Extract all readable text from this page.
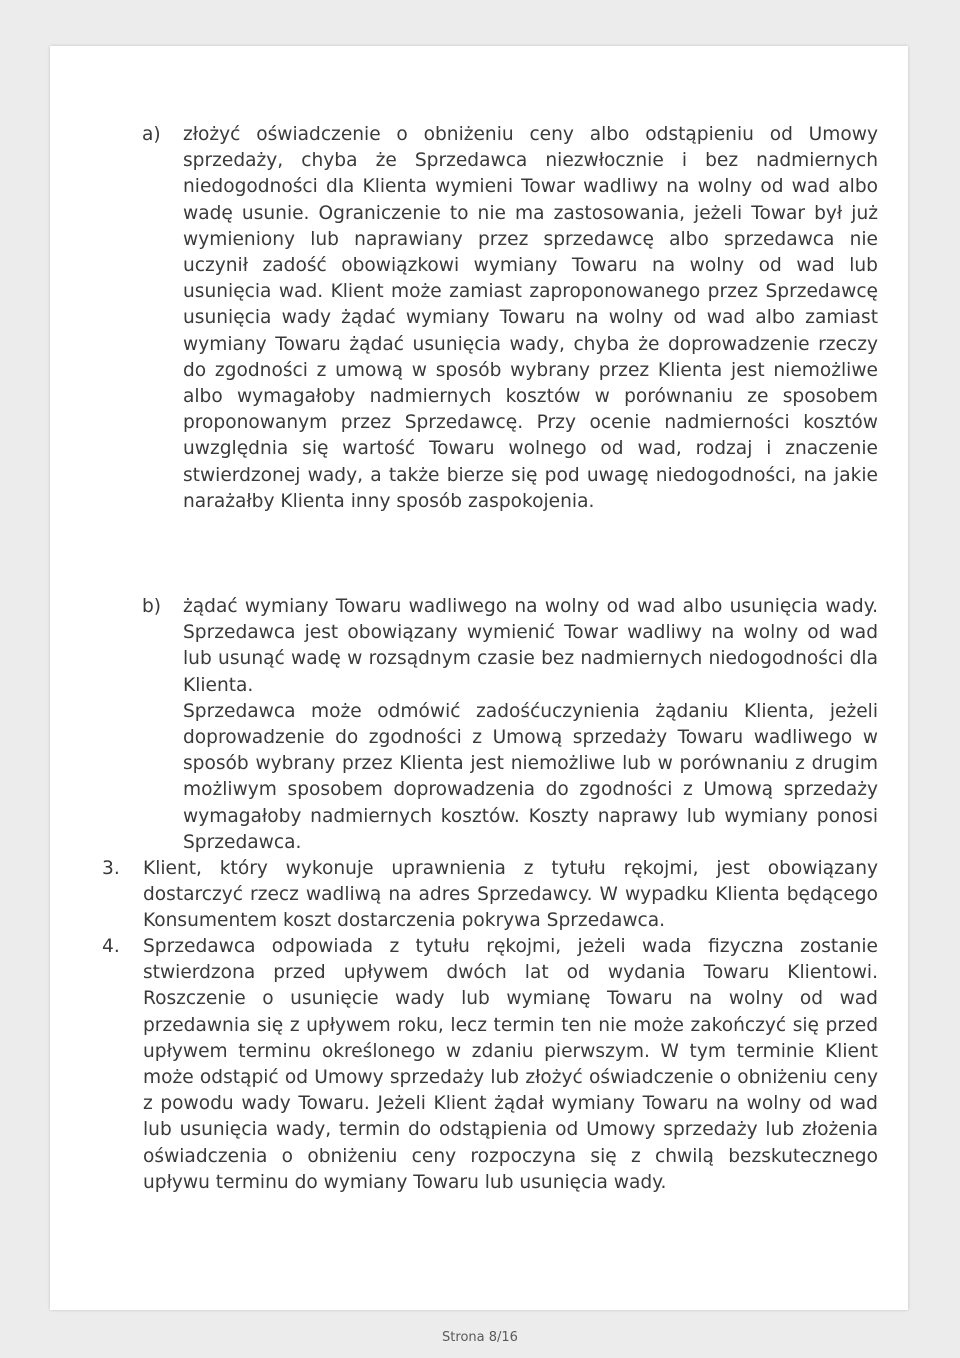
a) złożyć oświadczenie o obniżeniu ceny albo odstąpieniu od Umowy sprzedaży, chyba że Sprzedawca niezwłocznie i bez nadmiernych niedogodności dla Klienta wymieni Towar wadliwy na wolny od wad albo wadę usunie. Ograniczenie to nie ma zastosowania, jeżeli Towar był już wymieniony lub naprawiany przez sprzedawcę albo sprzedawca nie uczynił zadość obowiązkowi wymiany Towaru na wolny od wad lub usunięcia wad. Klient może zamiast zaproponowanego przez Sprzedawcę usunięcia wady żądać wymiany Towaru na wolny od wad albo zamiast wymiany Towaru żądać usunięcia wady, chyba że doprowadzenie rzeczy do zgodności z umową w sposób wybrany przez Klienta jest niemożliwe albo wymagałoby nadmiernych kosztów w porównaniu ze sposobem proponowanym przez Sprzedawcę. Przy ocenie nadmierności kosztów uwzględnia się wartość Towaru wolnego od wad, rodzaj i znaczenie stwierdzonej wady, a także bierze się pod uwagę niedogodności, na jakie narażałby Klienta inny sposób zaspokojenia.

b) żądać wymiany Towaru wadliwego na wolny od wad albo usunięcia wady. Sprzedawca jest obowiązany wymienić Towar wadliwy na wolny od wad lub usunąć wadę w rozsądnym czasie bez nadmiernych niedogodności dla Klienta.

Sprzedawca może odmówić zadośćuczynienia żądaniu Klienta, jeżeli doprowadzenie do zgodności z Umową sprzedaży Towaru wadliwego w sposób wybrany przez Klienta jest niemożliwe lub w porównaniu z drugim możliwym sposobem doprowadzenia do zgodności z Umową sprzedaży wymagałoby nadmiernych kosztów. Koszty naprawy lub wymiany ponosi Sprzedawca.

3. Klient, który wykonuje uprawnienia z tytułu rękojmi, jest obowiązany dostarczyć rzecz wadliwą na adres Sprzedawcy. W wypadku Klienta będącego Konsumentem koszt dostarczenia pokrywa Sprzedawca.

4. Sprzedawca odpowiada z tytułu rękojmi, jeżeli wada fizyczna zostanie stwierdzona przed upływem dwóch lat od wydania Towaru Klientowi. Roszczenie o usunięcie wady lub wymianę Towaru na wolny od wad przedawnia się z upływem roku, lecz termin ten nie może zakończyć się przed upływem terminu określonego w zdaniu pierwszym. W tym terminie Klient może odstąpić od Umowy sprzedaży lub złożyć oświadczenie o obniżeniu ceny z powodu wady Towaru. Jeżeli Klient żądał wymiany Towaru na wolny od wad lub usunięcia wady, termin do odstąpienia od Umowy sprzedaży lub złożenia oświadczenia o obniżeniu ceny rozpoczyna się z chwilą bezskutecznego upływu terminu do wymiany Towaru lub usunięcia wady.

Strona 8/16
